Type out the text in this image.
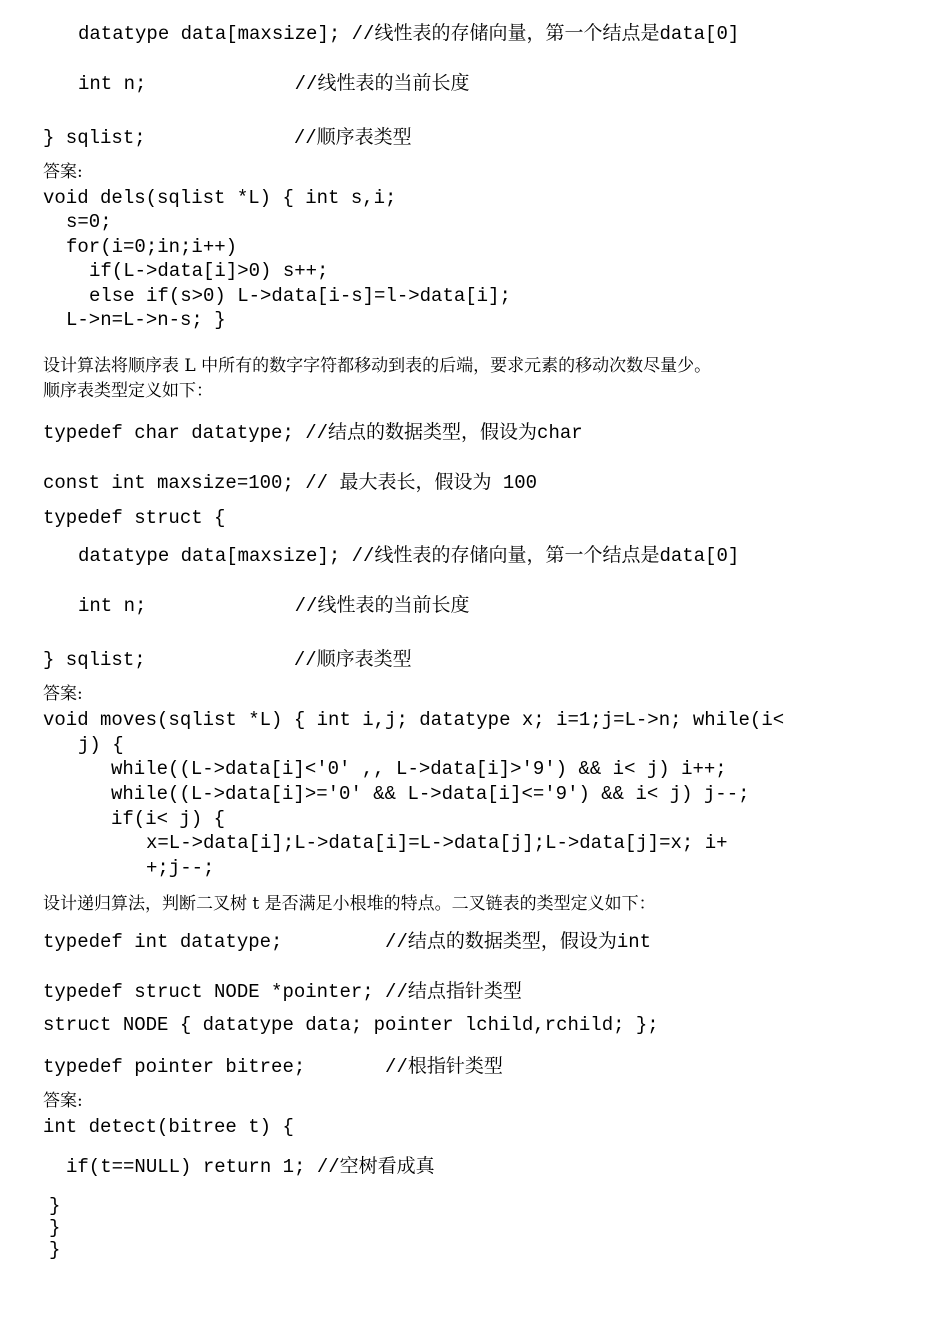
datatype data[maxsize]; //线性表的存储向量，第一个结点是data[0]
int n;             //线性表的当前长度
} sqlist;             //顺序表类型
答案:
void dels(sqlist *L) { int s,i;
s=0;
for(i=0;in;i++)
if(L->data[i]>0) s++;
else if(s>0) L->data[i-s]=l->data[i];
L->n=L->n-s; }
设计算法将顺序表 L 中所有的数字字符都移动到表的后端，要求元素的移动次数尽量少。
顺序表类型定义如下：
typedef char datatype; //结点的数据类型，假设为char
const int maxsize=100; // 最大表长，假设为 100
typedef struct {
datatype data[maxsize]; //线性表的存储向量，第一个结点是data[0]
int n;             //线性表的当前长度
} sqlist;             //顺序表类型
答案:
void moves(sqlist *L) { int i,j; datatype x; i=1;j=L->n; while(i<
j) {
while((L->data[i]<'0' ,, L->data[i]>'9') && i< j) i++;
while((L->data[i]>='0' && L->data[i]<='9') && i< j) j--;
if(i< j) {
x=L->data[i];L->data[i]=L->data[j];L->data[j]=x; i+
+;j--;
设计递归算法，判断二叉树 t 是否满足小根堆的特点。二叉链表的类型定义如下：
typedef int datatype;         //结点的数据类型，假设为int
typedef struct NODE *pointer; //结点指针类型
struct NODE { datatype data; pointer lchild,rchild; };
typedef pointer bitree;       //根指针类型
答案:
int detect(bitree t) {
if(t==NULL) return 1; //空树看成真
}
}
}
